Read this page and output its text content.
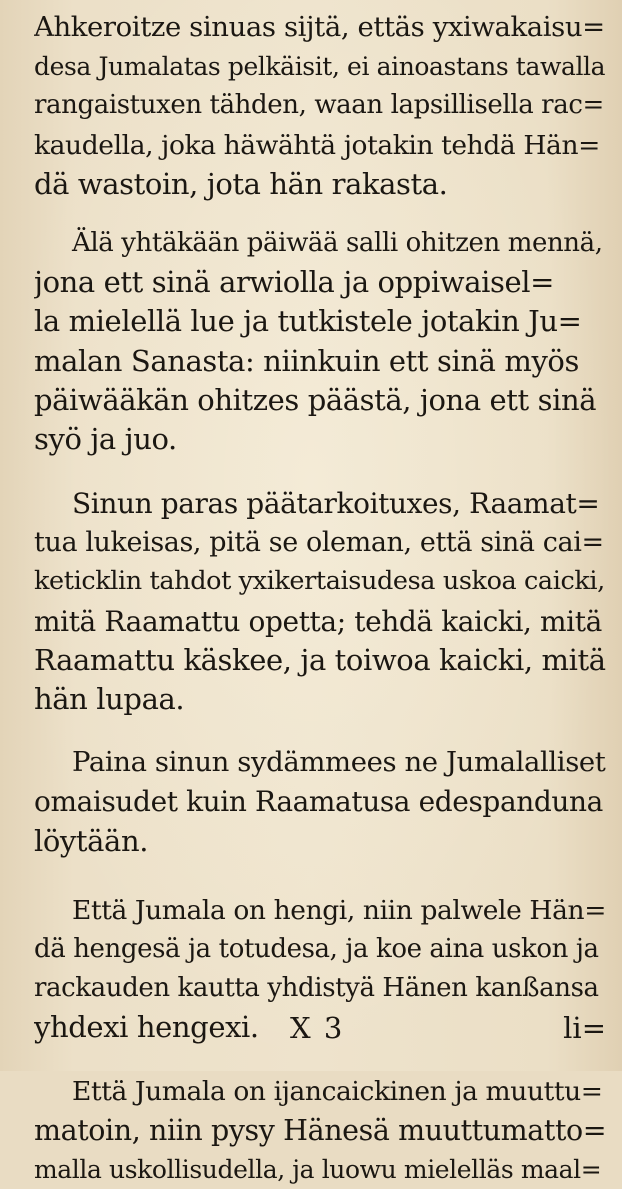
Ahkeroitze sinuas sijtä, ettäs yxiwakaisu=
desa Jumalatas pelkäisit, ei ainoastans tawalla
rangaistuxen tähden, waan lapsillisella rac=
kaudella, joka häwähtä jotakin tehdä Hän=
dä wastoin, jota hän rakasta.
Älä yhtäkään päiwää salli ohitzen mennä,
jona ett sinä arwiolla ja oppiwaisel=
la mielellä lue ja tutkistele jotakin Ju=
malan Sanasta: niinkuin ett sinä myös
päiwääkän ohitzes päästä, jona ett sinä
syö ja juo.
Sinun paras päätarkoituxes, Raamat=
tua lukeisas, pitä se oleman, että sinä cai=
keticklin tahdot yxikertaisudesa uskoa caicki,
mitä Raamattu opetta; tehdä kaicki, mitä
Raamattu käskee, ja toiwoa kaicki, mitä
hän lupaa.
Paina sinun sydämmees ne Jumalalliset
omaisudet kuin Raamatusa edespandunа
löytään.
Että Jumala on hengi, niin palwele Hän=
dä hengesä ja totudesa, ja koe aina uskon ja
rackauden kautta yhdistyä Hänen kanßansa
yhdexi hengexi.
Että Jumala on ijancaickinen ja muuttu=
matoin, niin pysy Hänesä muuttumatto=
malla uskollisudella, ja luowu mielelläs maal=
X 3	li=
